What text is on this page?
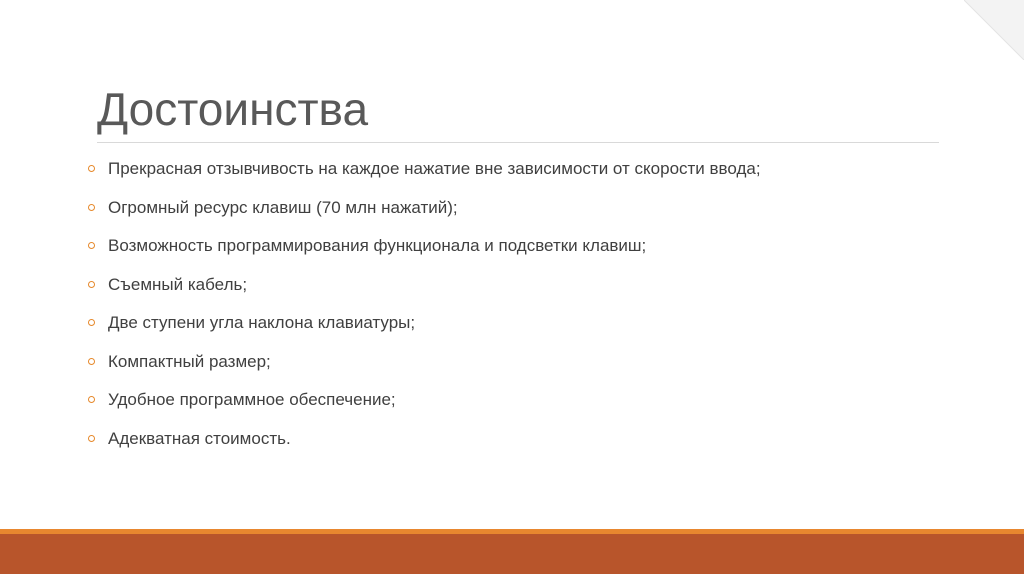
Достоинства
Прекрасная отзывчивость на каждое нажатие вне зависимости от скорости ввода;
Огромный ресурс клавиш (70 млн нажатий);
Возможность программирования функционала и подсветки клавиш;
Съемный кабель;
Две ступени угла наклона клавиатуры;
Компактный размер;
Удобное программное обеспечение;
Адекватная стоимость.
